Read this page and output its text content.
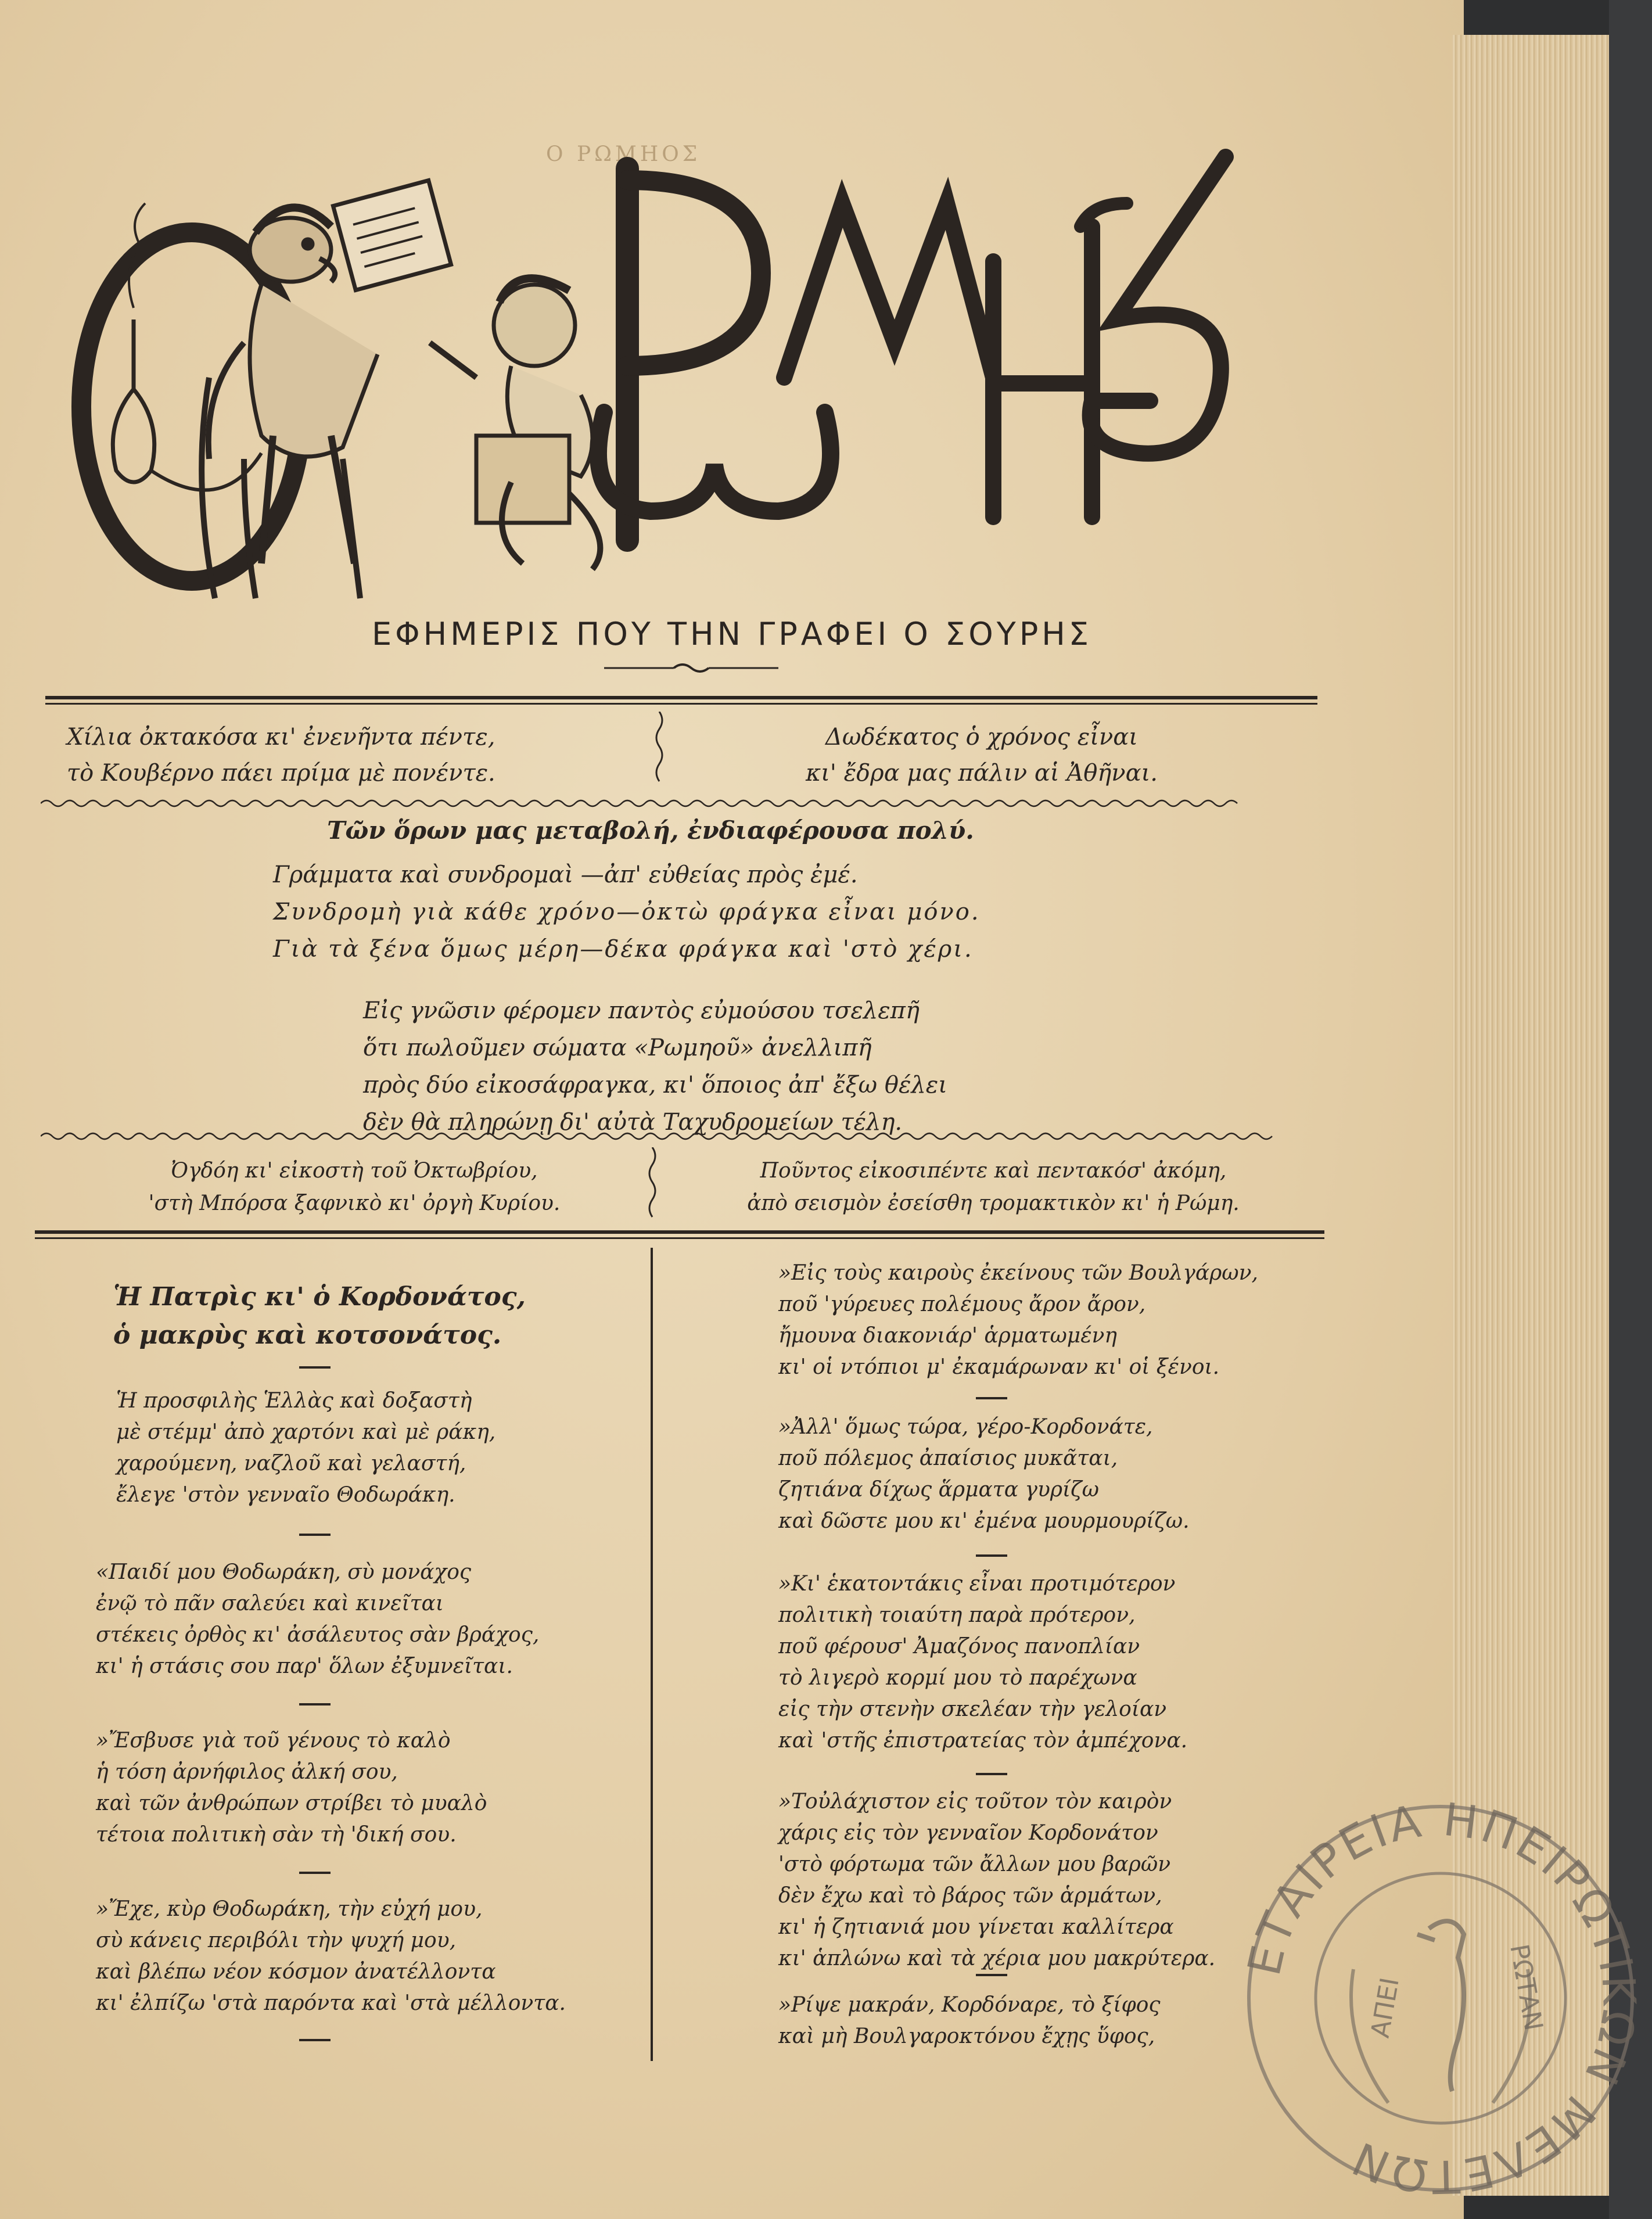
Ο ΡΩΜΗΟΣ
ΕΦΗΜΕΡΙΣ ΠΟΥ ΤΗΝ ΓΡΑΦΕΙ Ο ΣΟΥΡΗΣ
Χίλια ὀκτακόσα κι' ἐνενῆντα πέντε,
τὸ Κουβέρνο πάει πρίμα μὲ πονέντε.
Δωδέκατος ὁ χρόνος εἶναι
κι' ἔδρα μας πάλιν αἱ Ἀθῆναι.
Τῶν ὅρων μας μεταβολή, ἐνδιαφέρουσα πολύ.
Γράμματα καὶ συνδρομαὶ —ἀπ' εὐθείας πρὸς ἐμέ.
Συνδρομὴ γιὰ κάθε χρόνο—ὀκτὼ φράγκα εἶναι μόνο.
Γιὰ τὰ ξένα ὅμως μέρη—δέκα φράγκα καὶ 'στὸ χέρι.
Εἰς γνῶσιν φέρομεν παντὸς εὐμούσου τσελεπῆ
ὅτι πωλοῦμεν σώματα «Ρωμηοῦ» ἀνελλιπῆ
πρὸς δύο εἰκοσάφραγκα, κι' ὅποιος ἀπ' ἔξω θέλει
δὲν θὰ πληρώνῃ δι' αὐτὰ Ταχυδρομείων τέλη.
Ὀγδόη κι' εἰκοστὴ τοῦ Ὀκτωβρίου,
'στὴ Μπόρσα ξαφνικὸ κι' ὀργὴ Κυρίου.
Ποῦντος εἰκοσιπέντε καὶ πεντακόσ' ἀκόμη,
ἀπὸ σεισμὸν ἐσείσθη τρομακτικὸν κι' ἡ Ρώμη.
Ἡ Πατρὶς κι' ὁ Κορδονάτος,
ὁ μακρὺς καὶ κοτσονάτος.
Ἡ προσφιλὴς Ἑλλὰς καὶ δοξαστὴ
μὲ στέμμ' ἀπὸ χαρτόνι καὶ μὲ ράκη,
χαρούμενη, ναζλοῦ καὶ γελαστή,
ἔλεγε 'στὸν γενναῖο Θοδωράκη.
«Παιδί μου Θοδωράκη, σὺ μονάχος
ἐνῷ τὸ πᾶν σαλεύει καὶ κινεῖται
στέκεις ὀρθὸς κι' ἀσάλευτος σὰν βράχος,
κι' ἡ στάσις σου παρ' ὅλων ἐξυμνεῖται.
»Ἔσβυσε γιὰ τοῦ γένους τὸ καλὸ
ἡ τόση ἀρνήφιλος ἀλκή σου,
καὶ τῶν ἀνθρώπων στρίβει τὸ μυαλὸ
τέτοια πολιτικὴ σὰν τὴ 'δική σου.
»Ἔχε, κὺρ Θοδωράκη, τὴν εὐχή μου,
σὺ κάνεις περιβόλι τὴν ψυχή μου,
καὶ βλέπω νέον κόσμον ἀνατέλλοντα
κι' ἐλπίζω 'στὰ παρόντα καὶ 'στὰ μέλλοντα.
»Εἰς τοὺς καιροὺς ἐκείνους τῶν Βουλγάρων,
ποῦ 'γύρευες πολέμους ἄρον ἄρον,
ἤμουνα διακονιάρ' ἁρματωμένη
κι' οἱ ντόπιοι μ' ἐκαμάρωναν κι' οἱ ξένοι.
»Ἀλλ' ὅμως τώρα, γέρο-Κορδονάτε,
ποῦ πόλεμος ἀπαίσιος μυκᾶται,
ζητιάνα δίχως ἅρματα γυρίζω
καὶ δῶστε μου κι' ἐμένα μουρμουρίζω.
»Κι' ἑκατοντάκις εἶναι προτιμότερον
πολιτικὴ τοιαύτη παρὰ πρότερον,
ποῦ φέρουσ' Ἀμαζόνος πανοπλίαν
τὸ λιγερὸ κορμί μου τὸ παρέχωνα
εἰς τὴν στενὴν σκελέαν τὴν γελοίαν
καὶ 'στῆς ἐπιστρατείας τὸν ἀμπέχονα.
»Τοὐλάχιστον εἰς τοῦτον τὸν καιρὸν
χάρις εἰς τὸν γενναῖον Κορδονάτον
'στὸ φόρτωμα τῶν ἄλλων μου βαρῶν
δὲν ἔχω καὶ τὸ βάρος τῶν ἁρμάτων,
κι' ἡ ζητιανιά μου γίνεται καλλίτερα
κι' ἁπλώνω καὶ τὰ χέρια μου μακρύτερα.
»Ρίψε μακράν, Κορδόναρε, τὸ ξίφος
καὶ μὴ Βουλγαροκτόνου ἔχῃς ὕφος,
ΕΤΑΙΡΕΙΑ ΗΠΕΙΡΩΤΙΚΩΝ ΜΕΛΕΤΩΝ
ΑΠΕΙ	ΡΩΤΑΝ
